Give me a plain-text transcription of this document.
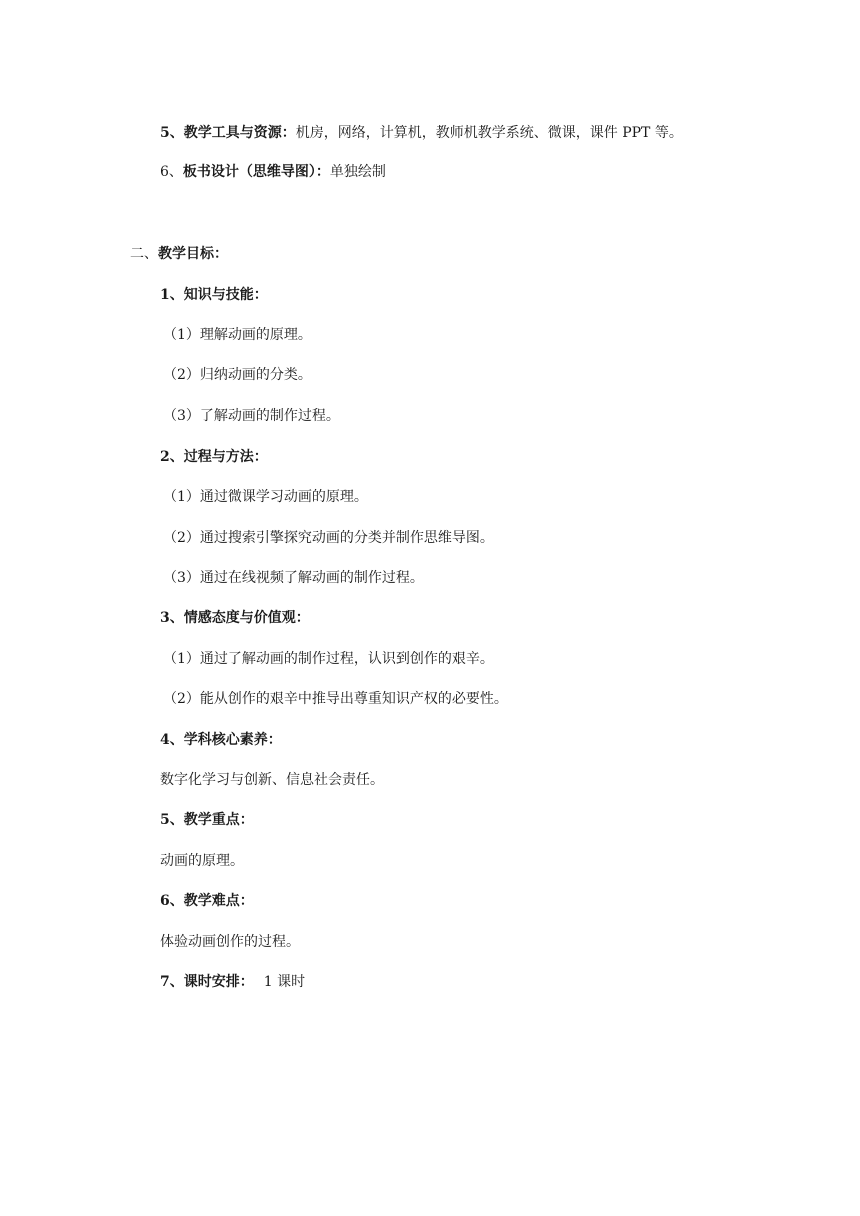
5、教学工具与资源：机房，网络，计算机，教师机教学系统、微课，课件 PPT 等。
6、板书设计（思维导图）：单独绘制
二、教学目标：
1、知识与技能：
（1）理解动画的原理。
（2）归纳动画的分类。
（3）了解动画的制作过程。
2、过程与方法：
（1）通过微课学习动画的原理。
（2）通过搜索引擎探究动画的分类并制作思维导图。
（3）通过在线视频了解动画的制作过程。
3、情感态度与价值观：
（1）通过了解动画的制作过程，认识到创作的艰辛。
（2）能从创作的艰辛中推导出尊重知识产权的必要性。
4、学科核心素养：
数字化学习与创新、信息社会责任。
5、教学重点：
动画的原理。
6、教学难点：
体验动画创作的过程。
7、课时安排： 1 课时
